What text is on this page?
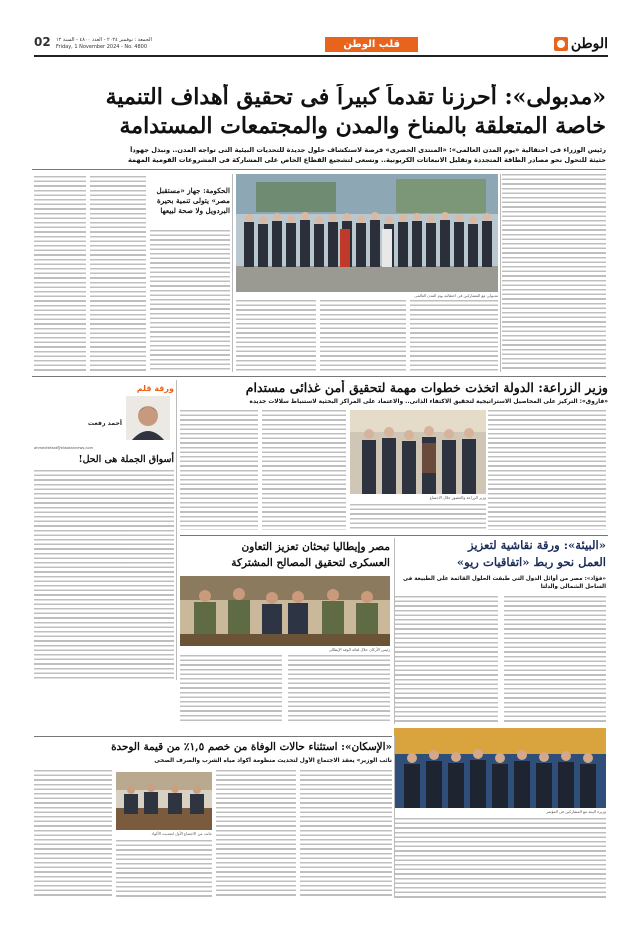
الوطن
قلب الوطن
الجمعة : نوفمبر ٢٠٢٤ - العدد ٤٨٠٠ - السنة ١٢
Friday, 1 November 2024 - No. 4800
02
«مدبولى»: أحرزنا تقدماً كبيراً فى تحقيق أهداف التنمية
خاصة المتعلقة بالمناخ والمدن والمجتمعات المستدامة
رئيس الوزراء فى احتفالية «يوم المدن العالمى»: «المنتدى الحضرى» فرصة لاستكشاف حلول جديدة للتحديات البيئية التى تواجه المدن.. ونبذل جهوداً
حثيثة للتحول نحو مصادر الطاقة المتجددة وتقليل الانبعاثات الكربونية.. ونسعى لتشجيع القطاع الخاص على المشاركة فى المشروعات القومية المهمة
مدبولى مع المشاركين فى احتفالية يوم المدن العالمى
الحكومة: جهاز «مستقبل مصر» يتولى تنمية بحيرة البردويل ولا صحة لبيعها
وزير الزراعة: الدولة اتخذت خطوات مهمة لتحقيق أمن غذائى مستدام
«فاروق»: التركيز على المحاصيل الاستراتيجية لتحقيق الاكتفاء الذاتى.. والاعتماد على المراكز البحثية لاستنباط سلالات جديدة
وزير الزراعة والحضور خلال الاجتماع
ورقة قلم
أحمد رفعت
ahmedrefaat@elwatannews.com
أسواق الجملة هى الحل!
«البيئة»: ورقة نقاشية لتعزيز
العمل نحو ربط «اتفاقيات ريو»
«فؤاد»: مصر من أوائل الدول التى طبقت الحلول القائمة على الطبيعة فى الساحل الشمالى والدلتا
مصر وإيطاليا تبحثان تعزيز التعاون
العسكرى لتحقيق المصالح المشتركة
رئيس الأركان خلال لقائه الوفد الإيطالى
وزيرة البيئة مع المشاركين فى المؤتمر
«الإسكان»: استثناء حالات الوفاة من خصم ١,٥٪ من قيمة الوحدة
نائب الوزير» يعقد الاجتماع الأول لتحديث منظومة أكواد مياه الشرب والصرف الصحى
جانب من الاجتماع الأول لتحديث الأكواد
